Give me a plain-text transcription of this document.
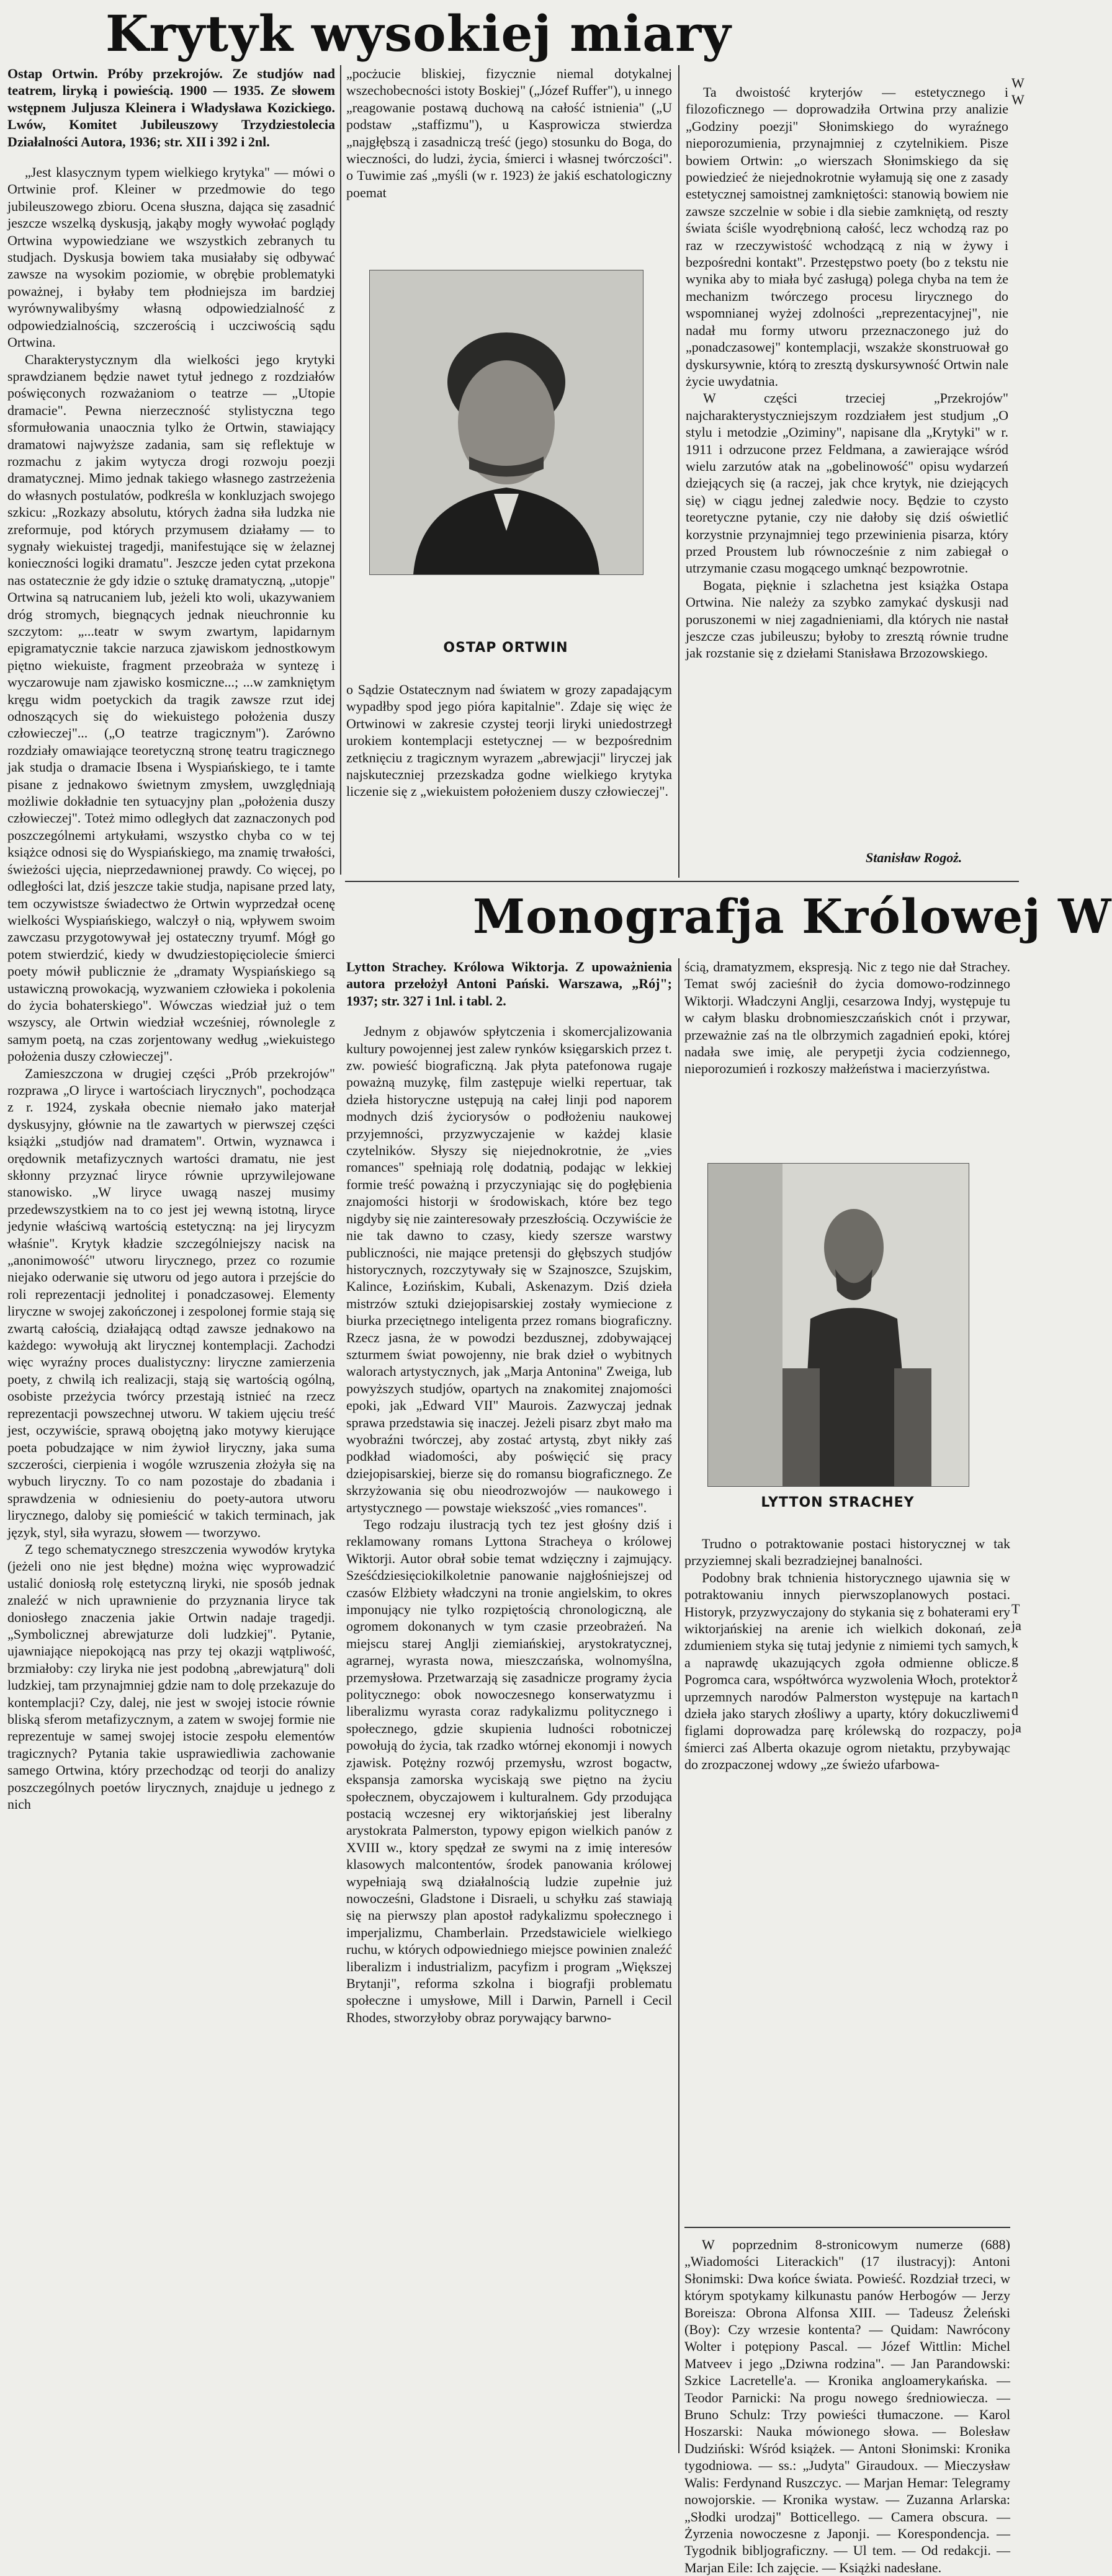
Krytyk wysokiej miary

Ostap Ortwin. Próby przekrojów. Ze studjów nad teatrem, liryką i powieścią. 1900 — 1935. Ze słowem wstępnem Juljusza Kleinera i Władysława Kozickiego. Lwów, Komitet Jubileuszowy Trzydziestolecia Działalności Autora, 1936; str. XII i 392 i 2nl.

„Jest klasycznym typem wielkiego krytyka" — mówi o Ortwinie prof. Kleiner w przedmowie do tego jubileuszowego zbioru. Ocena słuszna, dająca się zasadnić jeszcze wszelką dyskusją, jakąby mogły wywołać poglądy Ortwina wypowiedziane we wszystkich zebranych tu studjach. Dyskusja bowiem taka musiałaby się odbywać zawsze na wysokim poziomie, w obrębie problematyki poważnej, i byłaby tem płodniejsza im bardziej wyrównywalibyśmy własną odpowiedzialność z odpowiedzialnością, szczerością i uczciwością sądu Ortwina.

Charakterystycznym dla wielkości jego krytyki sprawdzianem będzie nawet tytuł jednego z rozdziałów poświęconych rozważaniom o teatrze — „Utopie dramacie". Pewna nierzeczność stylistyczna tego sformułowania unaocznia tylko że Ortwin, stawiający dramatowi najwyższe zadania, sam się reflektuje w rozmachu z jakim wytycza drogi rozwoju poezji dramatycznej. Mimo jednak takiego własnego zastrzeżenia do własnych postulatów, podkreśla w konkluzjach swojego szkicu: „Rozkazy absolutu, których żadna siła ludzka nie zreformuje, pod których przymusem działamy — to sygnały wiekuistej tragedji, manifestujące się w żelaznej konieczności logiki dramatu". Jeszcze jeden cytat przekona nas ostatecznie że gdy idzie o sztukę dramatyczną, „utopje" Ortwina są natrucaniem lub, jeżeli kto woli, ukazywaniem dróg stromych, biegnących jednak nieuchronnie ku szczytom: „...teatr w swym zwartym, lapidarnym epigramatycznie takcie narzuca zjawiskom jednostkowym piętno wiekuiste, fragment przeobraża w syntezę i wyczarowuje nam zjawisko kosmiczne...; ...w zamkniętym kręgu widm poetyckich da tragik zawsze rzut idej odnoszących się do wiekuistego położenia duszy człowieczej"... („O teatrze tragicznym"). Zarówno rozdziały omawiające teoretyczną stronę teatru tragicznego jak studja o dramacie Ibsena i Wyspiańskiego, te i tamte pisane z jednakowo świetnym zmysłem, uwzględniają możliwie dokładnie ten sytuacyjny plan „położenia duszy człowieczej". Toteż mimo odległych dat zaznaczonych pod poszczególnemi artykułami, wszystko chyba co w tej książce odnosi się do Wyspiańskiego, ma znamię trwałości, świeżości ujęcia, nieprzedawnionej prawdy. Co więcej, po odległości lat, dziś jeszcze takie studja, napisane przed laty, tem oczywistsze świadectwo że Ortwin wyprzedzał ocenę wielkości Wyspiańskiego, walczył o nią, wpływem swoim zawczasu przygotowywał jej ostateczny tryumf. Mógł go potem stwierdzić, kiedy w dwudziestopięciolecie śmierci poety mówił publicznie że „dramaty Wyspiańskiego są ustawiczną prowokacją, wyzwaniem człowieka i pokolenia do życia bohaterskiego". Wówczas wiedział już o tem wszyscy, ale Ortwin wiedział wcześniej, równolegle z samym poetą, na czas zorjentowany według „wiekuistego położenia duszy człowieczej".

Zamieszczona w drugiej części „Prób przekrojów" rozprawa „O liryce i wartościach lirycznych", pochodząca z r. 1924, zyskała obecnie niemało jako materjał dyskusyjny, głównie na tle zawartych w pierwszej części książki „studjów nad dramatem". Ortwin, wyznawca i orędownik metafizycznych wartości dramatu, nie jest skłonny przyznać liryce równie uprzywilejowane stanowisko. „W liryce uwagą naszej musimy przedewszystkiem na to co jest jej wewną istotną, liryce jedynie właściwą wartością estetyczną: na jej lirycyzm właśnie". Krytyk kładzie szczególniejszy nacisk na „anonimowość" utworu lirycznego, przez co rozumie niejako oderwanie się utworu od jego autora i przejście do roli reprezentacji jednolitej i ponadczasowej. Elementy liryczne w swojej zakończonej i zespolonej formie stają się zwartą całością, działającą odtąd zawsze jednakowo na każdego: wywołują akt lirycznej kontemplacji. Zachodzi więc wyraźny proces dualistyczny: liryczne zamierzenia poety, z chwilą ich realizacji, stają się wartością ogólną, osobiste przeżycia twórcy przestają istnieć na rzecz reprezentacji powszechnej utworu. W takiem ujęciu treść jest, oczywiście, sprawą obojętną jako motywy kierujące poeta pobudzające w nim żywioł liryczny, jaka suma szczerości, cierpienia i wogóle wzruszenia złożyła się na wybuch liryczny. To co nam pozostaje do zbadania i sprawdzenia w odniesieniu do poety-autora utworu lirycznego, daloby się pomieścić w takich terminach, jak język, styl, siła wyrazu, słowem — tworzywo.

Z tego schematycznego streszczenia wywodów krytyka (jeżeli ono nie jest błędne) można więc wyprowadzić ustalić doniosłą rolę estetyczną liryki, nie sposób jednak znaleźć w nich uprawnienie do przyznania liryce tak doniosłego znaczenia jakie Ortwin nadaje tragedji. „Symbolicznej abrewjaturze doli ludzkiej". Pytanie, ujawniające niepokojącą nas przy tej okazji wątpliwość, brzmiałoby: czy liryka nie jest podobną „abrewjaturą" doli ludzkiej, tam przynajmniej gdzie nam to dolę przekazuje do kontemplacji? Czy, dalej, nie jest w swojej istocie równie bliską sferom metafizycznym, a zatem w swojej formie nie reprezentuje w samej swojej istocie zespołu elementów tragicznych? Pytania takie usprawiedliwia zachowanie samego Ortwina, który przechodząc od teorji do analizy poszczególnych poetów lirycznych, znajduje u jednego z nich

„pocżucie bliskiej, fizycznie niemal dotykalnej wszechobecności istoty Boskiej" („Józef Ruffer"), u innego „reagowanie postawą duchową na całość istnienia" („U podstaw „staffizmu"), u Kasprowicza stwierdza „najgłębszą i zasadniczą treść (jego) stosunku do Boga, do wieczności, do ludzi, życia, śmierci i własnej twórczości". o Tuwimie zaś „myśli (w r. 1923) że jakiś eschatologiczny poemat

OSTAP ORTWIN

o Sądzie Ostatecznym nad światem w grozy zapadającym wypadłby spod jego pióra kapitalnie". Zdaje się więc że Ortwinowi w zakresie czystej teorji liryki uniedostrzegł urokiem kontemplacji estetycznej — w bezpośrednim zetknięciu z tragicznym wyrazem „abrewjacji" liryczej jak najskuteczniej przezskadza godne wielkiego krytyka liczenie się z „wiekuistem położeniem duszy człowieczej".

Ta dwoistość kryterjów — estetycznego i filozoficznego — doprowadziła Ortwina przy analizie „Godziny poezji" Słonimskiego do wyraźnego nieporozumienia, przynajmniej z czytelnikiem. Pisze bowiem Ortwin: „o wierszach Słonimskiego da się powiedzieć że niejednokrotnie wyłamują się one z zasady estetycznej samoistnej zamkniętości: stanowią bowiem nie zawsze szczelnie w sobie i dla siebie zamkniętą, od reszty świata ściśle wyodrębnioną całość, lecz wchodzą raz po raz w rzeczywistość wchodzącą z nią w żywy i bezpośredni kontakt". Przestępstwo poety (bo z tekstu nie wynika aby to miała być zasługą) polega chyba na tem że mechanizm twórczego procesu lirycznego do wspomnianej wyżej zdolności „reprezentacyjnej", nie nadał mu formy utworu przeznaczonego już do „ponadczasowej" kontemplacji, wszakże skonstruował go dyskursywnie, którą to zresztą dyskursywność Ortwin nale życie uwydatnia.

W części trzeciej „Przekrojów" najcharakterystyczniejszym rozdziałem jest studjum „O stylu i metodzie „Oziminy", napisane dla „Krytyki" w r. 1911 i odrzucone przez Feldmana, a zawierające wśród wielu zarzutów atak na „gobelinowość" opisu wydarzeń dziejących się (a raczej, jak chce krytyk, nie dziejących się) w ciągu jednej zaledwie nocy. Będzie to czysto teoretyczne pytanie, czy nie dałoby się dziś oświetlić korzystnie przynajmniej tego przewinienia pisarza, który przed Proustem lub równocześnie z nim zabiegał o utrzymanie czasu mogącego umknąć bezpowrotnie.

Bogata, pięknie i szlachetna jest książka Ostapa Ortwina. Nie należy za szybko zamykać dyskusji nad poruszonemi w niej zagadnieniami, dla których nie nastał jeszcze czas jubileuszu; byłoby to zresztą równie trudne jak rozstanie się z dziełami Stanisława Brzozowskiego.

Stanisław Rogoż.
Monografja Królowej W

Lytton Strachey. Królowa Wiktorja. Z upoważnienia autora przełożył Antoni Pański. Warszawa, „Rój"; 1937; str. 327 i 1nl. i tabl. 2.

Jednym z objawów spłytczenia i skomercjalizowania kultury powojennej jest zalew rynków księgarskich przez t. zw. powieść biograficzną. Jak płyta patefonowa rugaje poważną muzykę, film zastępuje wielki repertuar, tak dzieła historyczne ustępują na całej linji pod naporem modnych dziś życiorysów o podłożeniu naukowej przyjemności, przyzwyczajenie w każdej klasie czytelników. Słyszy się niejednokrotnie, że „vies romances" spełniają rolę dodatnią, podając w lekkiej formie treść poważną i przyczyniając się do pogłębienia znajomości historji w środowiskach, które bez tego nigdyby się nie zainteresowały przeszłością. Oczywiście że nie tak dawno to czasy, kiedy szersze warstwy publiczności, nie mające pretensji do głębszych studjów historycznych, rozczytywały się w Szajnoszce, Szujskim, Kalince, Łozińskim, Kubali, Askenazym. Dziś dzieła mistrzów sztuki dziejopisarskiej zostały wymiecione z biurka przeciętnego inteligenta przez romans biograficzny. Rzecz jasna, że w powodzi bezdusznej, zdobywającej szturmem świat powojenny, nie brak dzieł o wybitnych walorach artystycznych, jak „Marja Antonina" Zweiga, lub powyższych studjów, opartych na znakomitej znajomości epoki, jak „Edward VII" Maurois. Zazwyczaj jednak sprawa przedstawia się inaczej. Jeżeli pisarz zbyt mało ma wyobraźni twórczej, aby zostać artystą, zbyt nikły zaś podkład wiadomości, aby poświęcić się pracy dziejopisarskiej, bierze się do romansu biograficznego. Ze skrzyżowania się obu nieodrozwojów — naukowego i artystycznego — powstaje wiekszość „vies romances".

Tego rodzaju ilustracją tych tez jest głośny dziś i reklamowany romans Lyttona Stracheya o królowej Wiktorji. Autor obrał sobie temat wdzięczny i zajmujący. Sześćdziesięciokilkoletnie panowanie najgłośniejszej od czasów Elżbiety władczyni na tronie angielskim, to okres imponujący nie tylko rozpiętością chronologiczną, ale ogromem dokonanych w tym czasie przeobrażeń. Na miejscu starej Anglji ziemiańskiej, arystokratycznej, agrarnej, wyrasta nowa, mieszczańska, wolnomyślna, przemysłowa. Przetwarzają się zasadnicze programy życia politycznego: obok nowoczesnego konserwatyzmu i liberalizmu wyrasta coraz radykalizmu politycznego i społecznego, gdzie skupienia ludności robotniczej powołują do życia, tak rzadko wtórnej ekonomji i nowych zjawisk. Potężny rozwój przemysłu, wzrost bogactw, ekspansja zamorska wyciskają swe piętno na życiu społecznem, obyczajowem i kulturalnem. Gdy przodująca postacią wczesnej ery wiktorjańskiej jest liberalny arystokrata Palmerston, typowy epigon wielkich panów z XVIII w., ktory spędzał ze swymi na z imię interesów klasowych malcontentów, środek panowania królowej wypełniają swą działalnością ludzie zupełnie już nowocześni, Gladstone i Disraeli, u schyłku zaś stawiają się na pierwszy plan apostoł radykalizmu społecznego i imperjalizmu, Chamberlain. Przedstawiciele wielkiego ruchu, w których odpowiedniego miejsce powinien znaleźć liberalizm i industrializm, pacyfizm i program „Większej Brytanji", reforma szkolna i biografji problematu społeczne i umysłowe, Mill i Darwin, Parnell i Cecil Rhodes, stworzyłoby obraz porywający barwno-

ścią, dramatyzmem, ekspresją. Nic z tego nie dał Strachey. Temat swój zacieśnił do życia domowo-rodzinnego Wiktorji. Władczyni Anglji, cesarzowa Indyj, występuje tu w całym blasku drobnomieszczańskich cnót i przywar, przeważnie zaś na tle olbrzymich zagadnień epoki, której nadała swe imię, ale perypetji życia codziennego, nieporozumień i rozkoszy małżeństwa i macierzyństwa.

LYTTON STRACHEY

Trudno o potraktowanie postaci historycznej w tak przyziemnej skali bezradziejnej banalności.

Podobny brak tchnienia historycznego ujawnia się w potraktowaniu innych pierwszoplanowych postaci. Historyk, przyzwyczajony do stykania się z bohaterami ery wiktorjańskiej na arenie ich wielkich dokonań, ze zdumieniem styka się tutaj jedynie z nimiemi tych samych, a naprawdę ukazujących zgoła odmienne oblicze. Pogromca cara, współtwórca wyzwolenia Włoch, protektor uprzemnych narodów Palmerston występuje na kartach dzieła jako starych złośliwy a uparty, który dokuczliwemi figlami doprowadza parę królewską do rozpaczy, po śmierci zaś Alberta okazuje ogrom nietaktu, przybywając do zrozpaczonej wdowy „ze świeżo ufarbowa-

W poprzednim 8-stronicowym numerze (688) „Wiadomości Literackich" (17 ilustracyj): Antoni Słonimski: Dwa końce świata. Powieść. Rozdział trzeci, w którym spotykamy kilkunastu panów Herbogów — Jerzy Boreisza: Obrona Alfonsa XIII. — Tadeusz Żeleński (Boy): Czy wrzesie kontenta? — Quidam: Nawrócony Wolter i potępiony Pascal. — Józef Wittlin: Michel Matveev i jego „Dziwna rodzina". — Jan Parandowski: Szkice Lacretelle'a. — Kronika angloamerykańska. — Teodor Parnicki: Na progu nowego średniowiecza. — Bruno Schulz: Trzy powieści tłumaczone. — Karol Hoszarski: Nauka mówionego słowa. — Bolesław Dudziński: Wśród książek. — Antoni Słonimski: Kronika tygodniowa. — ss.: „Judyta" Giraudoux. — Mieczysław Walis: Ferdynand Ruszczyc. — Marjan Hemar: Telegramy nowojorskie. — Kronika wystaw. — Zuzanna Arlarska: „Słodki urodzaj" Botticellego. — Camera obscura. — Żyrzenia nowoczesne z Japonji. — Korespondencja. — Tygodnik bibljograficzny. — Ul tem. — Od redakcji. — Marjan Eile: Ich zajęcie. — Książki nadesłane.

W
W
T
ja
k
g
ż
n
d
ja
